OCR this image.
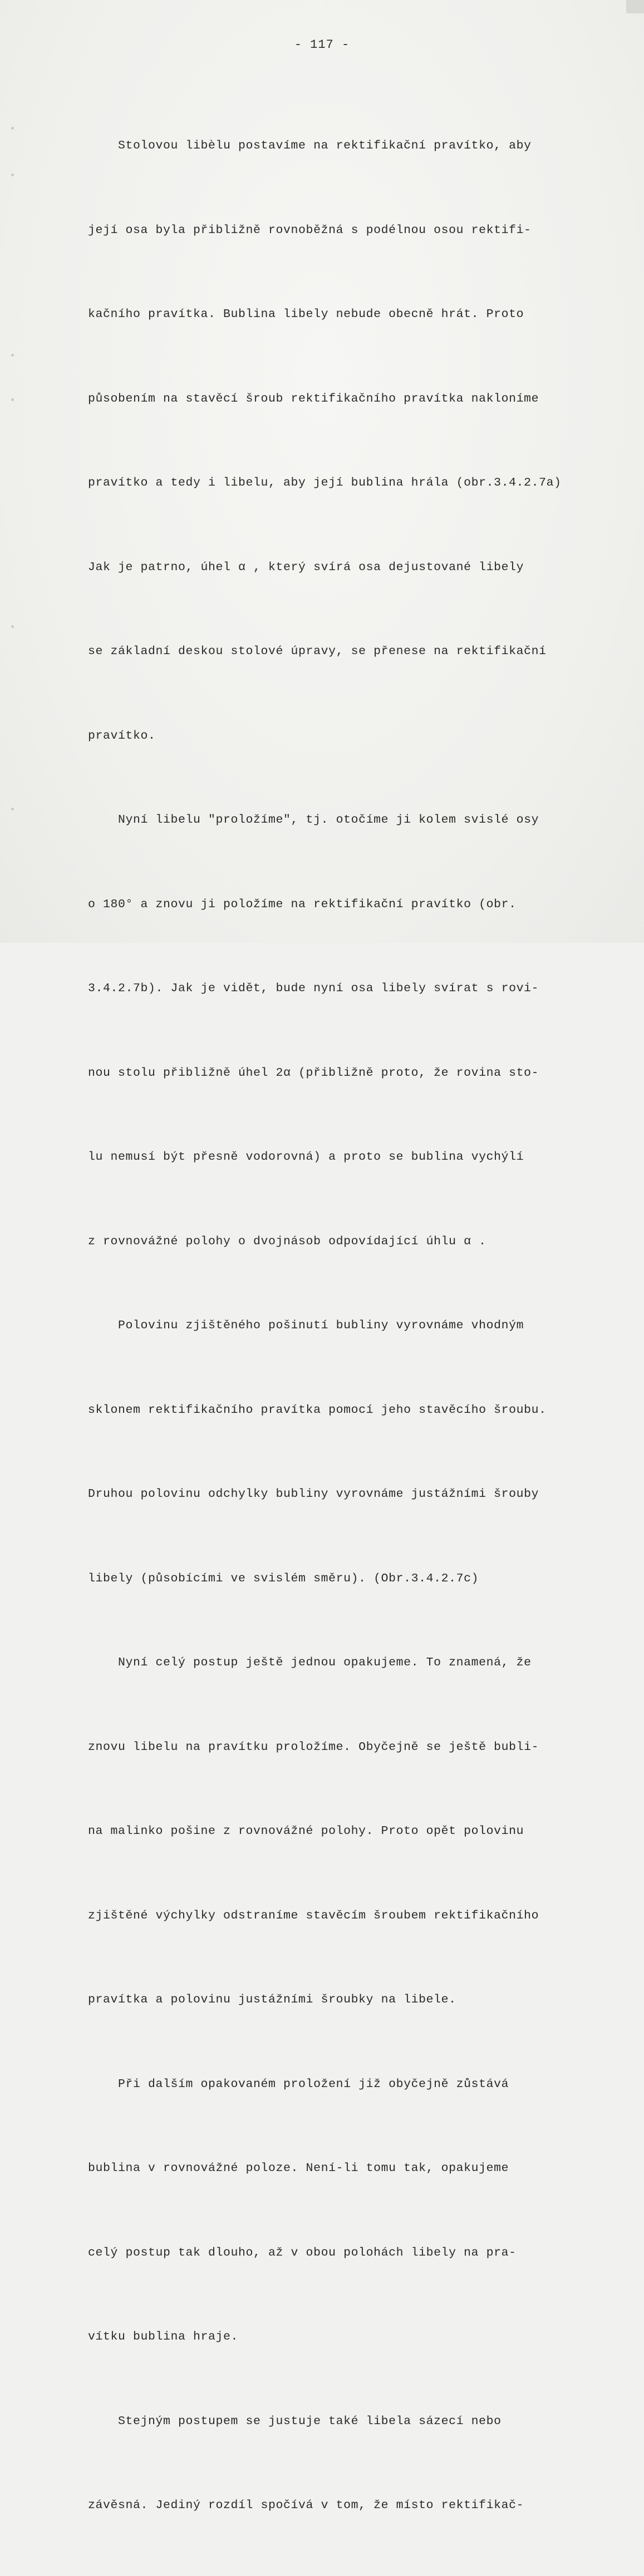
- 117 -

Stolovou libèlu postavíme na rektifikační pravítko, aby

její osa byla přibližně rovnoběžná s podélnou osou rektifi-

kačního pravítka. Bublina libely nebude obecně hrát. Proto

působením na stavěcí šroub rektifikačního pravítka nakloníme

pravítko a tedy i libelu, aby její bublina hrála (obr.3.4.2.7a)

Jak je patrno, úhel α , který svírá osa dejustované libely

se základní deskou stolové úpravy, se přenese na rektifikační

pravítko.

Nyní libelu "proložíme", tj. otočíme ji kolem svislé osy

o 180° a znovu ji položíme na rektifikační pravítko (obr.

3.4.2.7b). Jak je vidět, bude nyní osa libely svírat s rovi-

nou stolu přibližně úhel 2α (přibližně proto, že rovina sto-

lu nemusí být přesně vodorovná) a proto se bublina vychýlí

z rovnovážné polohy o dvojnásob odpovídající úhlu α .

Polovinu zjištěného pošinutí bubliny vyrovnáme vhodným

sklonem rektifikačního pravítka pomocí jeho stavěcího šroubu.

Druhou polovinu odchylky bubliny vyrovnáme justážními šrouby

libely (působícími ve svislém směru). (Obr.3.4.2.7c)

Nyní celý postup ještě jednou opakujeme. To znamená, že

znovu libelu na pravítku proložíme. Obyčejně se ještě bubli-

na malinko pošine z rovnovážné polohy. Proto opět polovinu

zjištěné výchylky odstraníme stavěcím šroubem rektifikačního

pravítka a polovinu justážními šroubky na libele.

Při dalším opakovaném proložení již obyčejně zůstává

bublina v rovnovážné poloze. Není-li tomu tak, opakujeme

celý postup tak dlouho, až v obou polohách libely na pra-

vítku bublina hraje.

Stejným postupem se justuje také libela sázecí nebo

závěsná. Jediný rozdíl spočívá v tom, že místo rektifikač-
